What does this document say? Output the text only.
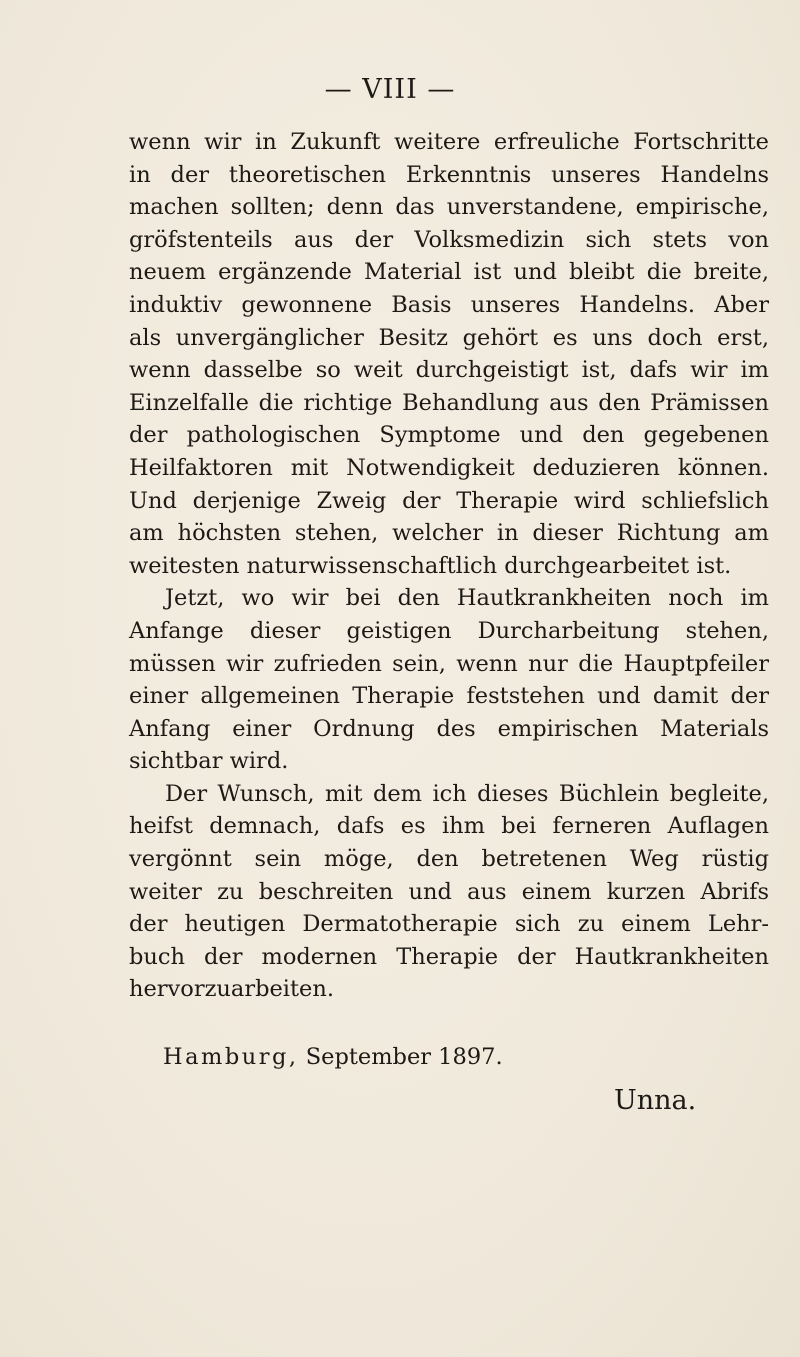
— VIII —
wenn wir in Zukunft weitere erfreuliche Fortschritte
in der theoretischen Erkenntnis unseres Handelns
machen sollten; denn das unverstandene, empirische,
gröfstenteils aus der Volksmedizin sich stets von
neuem ergänzende Material ist und bleibt die breite,
induktiv gewonnene Basis unseres Handelns. Aber
als unvergänglicher Besitz gehört es uns doch erst,
wenn dasselbe so weit durchgeistigt ist, dafs wir im
Einzelfalle die richtige Behandlung aus den Prämissen
der pathologischen Symptome und den gegebenen
Heilfaktoren mit Notwendigkeit deduzieren können.
Und derjenige Zweig der Therapie wird schliefslich
am höchsten stehen, welcher in dieser Richtung am
weitesten naturwissenschaftlich durchgearbeitet ist.
Jetzt, wo wir bei den Hautkrankheiten noch im
Anfange dieser geistigen Durcharbeitung stehen,
müssen wir zufrieden sein, wenn nur die Hauptpfeiler
einer allgemeinen Therapie feststehen und damit der
Anfang einer Ordnung des empirischen Materials
sichtbar wird.
Der Wunsch, mit dem ich dieses Büchlein begleite,
heifst demnach, dafs es ihm bei ferneren Auflagen
vergönnt sein möge, den betretenen Weg rüstig
weiter zu beschreiten und aus einem kurzen Abrifs
der heutigen Dermatotherapie sich zu einem Lehr-
buch der modernen Therapie der Hautkrankheiten
hervorzuarbeiten.
Hamburg, September 1897.
Unna.
